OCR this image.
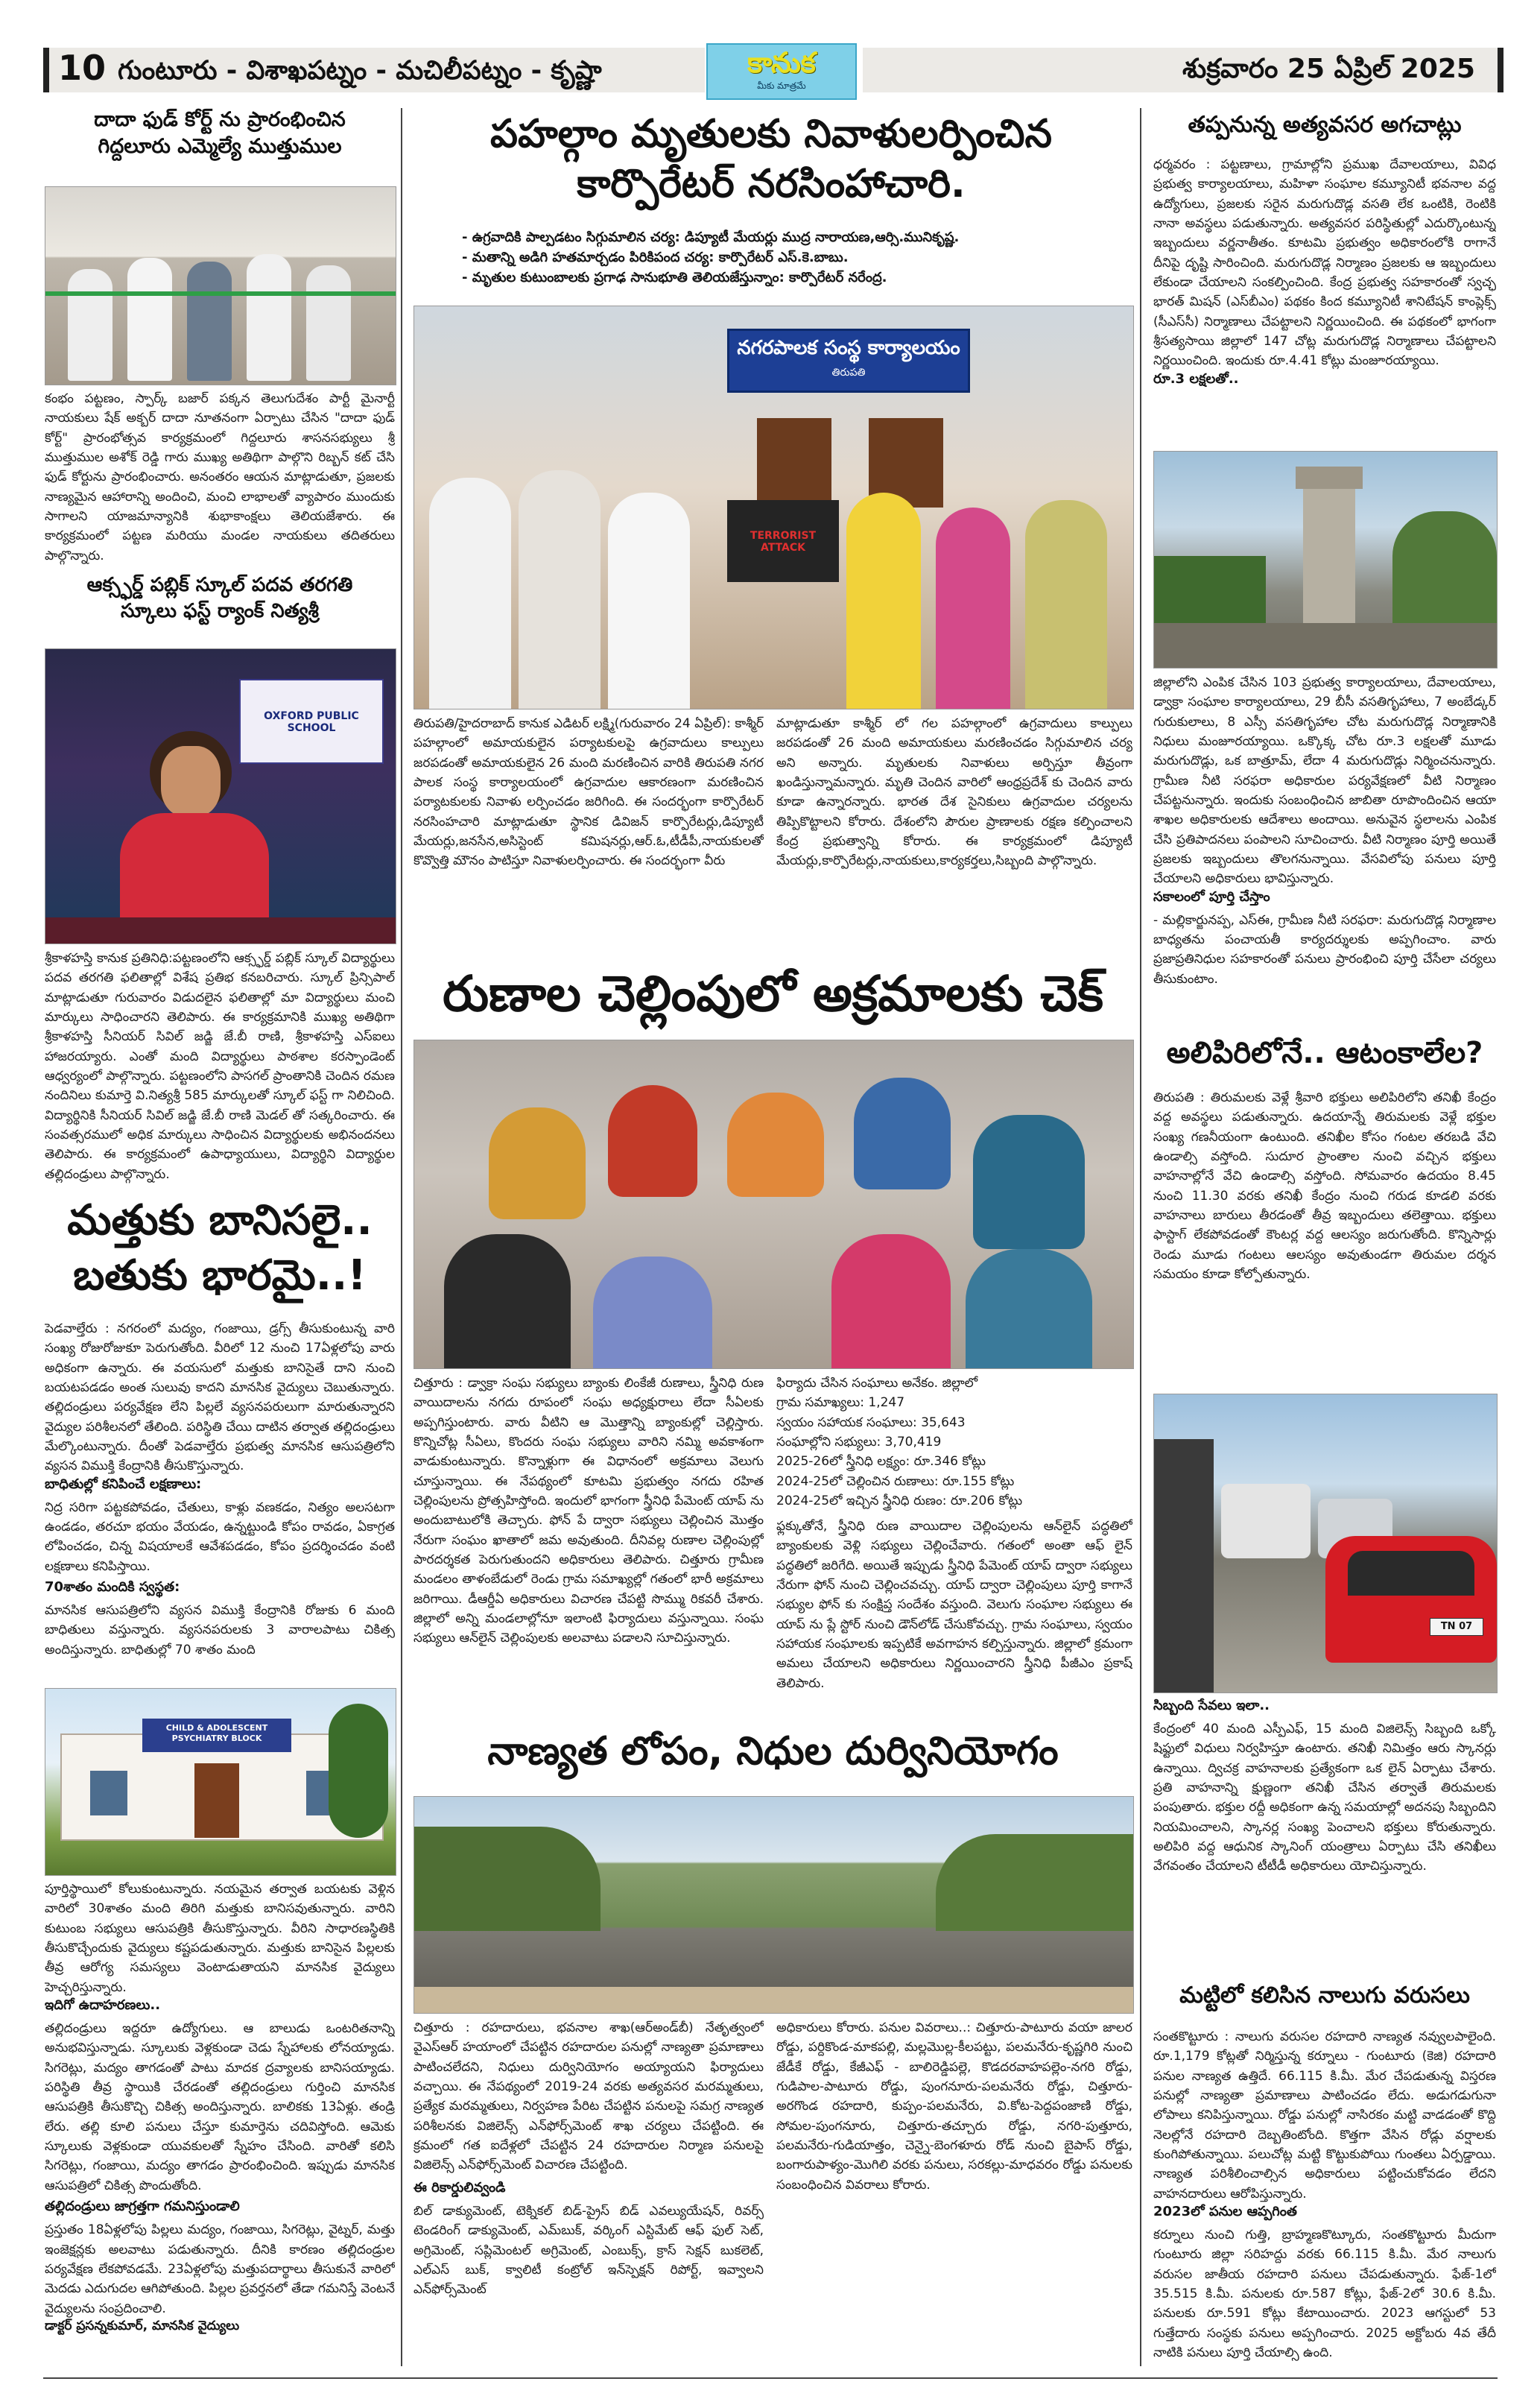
10 గుంటూరు - విశాఖపట్నం - మచిలీపట్నం - కృష్ణా	కానుక
మీకు మాత్రమే
శుక్రవారం 25 ఏప్రిల్ 2025

దాదా ఫుడ్ కోర్ట్ ను ప్రారంభించిన

గిద్దలూరు ఎమ్మెల్యే ముత్తుముల

కంభం పట్టణం, స్పార్క్ బజార్ పక్కన తెలుగుదేశం పార్టీ మైనార్టీ నాయకులు షేక్ అక్బర్ దాదా నూతనంగా ఏర్పాటు చేసిన "దాదా ఫుడ్ కోర్ట్" ప్రారంభోత్సవ కార్యక్రమంలో గిద్దలూరు శాసనసభ్యులు శ్రీ ముత్తుముల అశోక్ రెడ్డి గారు ముఖ్య అతిథిగా పాల్గొని రిబ్బన్ కట్ చేసి ఫుడ్ కోర్టును ప్రారంభించారు. అనంతరం ఆయన మాట్లాడుతూ, ప్రజలకు నాణ్యమైన ఆహారాన్ని అందించి, మంచి లాభాలతో వ్యాపారం ముందుకు సాగాలని యాజమాన్యానికి శుభాకాంక్షలు తెలియజేశారు. ఈ కార్యక్రమంలో పట్టణ మరియు మండల నాయకులు తదితరులు పాల్గొన్నారు.

ఆక్స్ఫర్డ్ పబ్లిక్ స్కూల్ పదవ తరగతి

స్కూలు ఫస్ట్ ర్యాంక్ నిత్యశ్రీ

OXFORD PUBLIC SCHOOL

శ్రీకాళహస్తి కానుక ప్రతినిధి:పట్టణంలోని ఆక్స్ఫర్డ్ పబ్లిక్ స్కూల్ విద్యార్థులు పదవ తరగతి ఫలితాల్లో విశేష ప్రతిభ కనబరిచారు. స్కూల్ ప్రిన్సిపాల్ మాట్లాడుతూ గురువారం విడుదలైన ఫలితాల్లో మా విద్యార్థులు మంచి మార్కులు సాధించారని తెలిపారు. ఈ కార్యక్రమానికి ముఖ్య అతిథిగా శ్రీకాళహస్తి సీనియర్ సివిల్ జడ్జి జే.బీ రాణి, శ్రీకాళహస్తి ఎస్ఐలు హాజరయ్యారు. ఎంతో మంది విద్యార్థులు పాఠశాల కరస్పాండెంట్ ఆధ్వర్యంలో పాల్గొన్నారు. పట్టణంలోని పాసగల్ ప్రాంతానికి చెందిన రమణ నందినిలు కుమార్తె వి.నిత్యశ్రీ 585 మార్కులతో స్కూల్ ఫస్ట్ గా నిలిచింది. విద్యార్థినికి సీనియర్ సివిల్ జడ్జి జే.బీ రాణి మెడల్ తో సత్కరించారు. ఈ సంవత్సరములో అధిక మార్కులు సాధించిన విద్యార్థులకు అభినందనలు తెలిపారు. ఈ కార్యక్రమంలో ఉపాధ్యాయులు, విద్యార్థిని విద్యార్థుల తల్లిదండ్రులు పాల్గొన్నారు.

మత్తుకు బానిసలై..

బతుకు భారమై..!

పెడవాల్తేరు : నగరంలో మద్యం, గంజాయి, డ్రగ్స్ తీసుకుంటున్న వారి సంఖ్య రోజురోజుకూ పెరుగుతోంది. వీరిలో 12 నుంచి 17ఏళ్లలోపు వారు అధికంగా ఉన్నారు. ఈ వయసులో మత్తుకు బానిసైతే దాని నుంచి బయటపడడం అంత సులువు కాదని మానసిక వైద్యులు చెబుతున్నారు. తల్లిదండ్రులు పర్యవేక్షణ లేని పిల్లలే వ్యసనపరులుగా మారుతున్నారని వైద్యుల పరిశీలనలో తేలింది. పరిస్థితి చేయి దాటిన తర్వాత తల్లిదండ్రులు మేల్కొంటున్నారు. దీంతో పెడవాల్తేరు ప్రభుత్వ మానసిక ఆసుపత్రిలోని వ్యసన విముక్తి కేంద్రానికి తీసుకొస్తున్నారు.

బాధితుల్లో కనిపించే లక్షణాలు:

నిద్ర సరిగా పట్టకపోవడం, చేతులు, కాళ్లు వణకడం, నిత్యం అలసటగా ఉండడం, తరచూ భయం వేయడం, ఉన్నట్టుండి కోపం రావడం, ఏకాగ్రత లోపించడం, చిన్న విషయాలకే ఆవేశపడడం, కోపం ప్రదర్శించడం వంటి లక్షణాలు కనిపిస్తాయి.

70శాతం మందికి స్వస్థత:

మానసిక ఆసుపత్రిలోని వ్యసన విముక్తి కేంద్రానికి రోజుకు 6 మంది బాధితులు వస్తున్నారు. వ్యసనపరులకు 3 వారాలపాటు చికిత్స అందిస్తున్నారు. బాధితుల్లో 70 శాతం మంది

CHILD & ADOLESCENT PSYCHIATRY BLOCK

పూర్తిస్థాయిలో కోలుకుంటున్నారు. నయమైన తర్వాత బయటకు వెళ్లిన వారిలో 30శాతం మంది తిరిగి మత్తుకు బానిసవుతున్నారు. వారిని కుటుంబ సభ్యులు ఆసుపత్రికి తీసుకొస్తున్నారు. వీరిని సాధారణస్థితికి తీసుకొచ్చేందుకు వైద్యులు కష్టపడుతున్నారు. మత్తుకు బానిసైన పిల్లలకు తీవ్ర ఆరోగ్య సమస్యలు వెంటాడుతాయని మానసిక వైద్యులు హెచ్చరిస్తున్నారు.

ఇదిగో ఉదాహరణలు..

తల్లిదండ్రులు ఇద్దరూ ఉద్యోగులు. ఆ బాలుడు ఒంటరితనాన్ని అనుభవిస్తున్నాడు. స్కూలుకు వెళ్లకుండా చెడు స్నేహాలకు లోనయ్యాడు. సిగరెట్లు, మద్యం తాగడంతో పాటు మాదక ద్రవ్యాలకు బానిసయ్యాడు. పరిస్థితి తీవ్ర స్థాయికి చేరడంతో తల్లిదండ్రులు గుర్తించి మానసిక ఆసుపత్రికి తీసుకొచ్చి చికిత్స అందిస్తున్నారు. బాలికకు 13ఏళ్లు. తండ్రి లేరు. తల్లి కూలి పనులు చేస్తూ కుమార్తెను చదివిస్తోంది. ఆమెకు స్కూలుకు వెళ్లకుండా యువకులతో స్నేహం చేసింది. వారితో కలిసి సిగరెట్లు, గంజాయి, మద్యం తాగడం ప్రారంభించింది. ఇప్పుడు మానసిక ఆసుపత్రిలో చికిత్స పొందుతోంది.

తల్లిదండ్రులు జాగ్రత్తగా గమనిస్తుండాలి

ప్రస్తుతం 18ఏళ్లలోపు పిల్లలు మద్యం, గంజాయి, సిగరెట్లు, వైట్నర్, మత్తు ఇంజెక్షన్లకు అలవాటు పడుతున్నారు. దీనికి కారణం తల్లిదండ్రుల పర్యవేక్షణ లేకపోవడమే. 23ఏళ్లలోపు మత్తుపదార్థాలు తీసుకునే వారిలో మెదడు ఎదుగుదల ఆగిపోతుంది. పిల్లల ప్రవర్తనలో తేడా గమనిస్తే వెంటనే వైద్యులను సంప్రదించాలి.

డాక్టర్ ప్రసన్నకుమార్, మానసిక వైద్యులు

పహల్గాం మృతులకు నివాళులర్పించిన

కార్పొరేటర్ నరసింహాచారి.

- ఉగ్రవాదికి పాల్పడటం సిగ్గుమాలిన చర్య: డిప్యూటీ మేయర్లు ముద్ర నారాయణ,ఆర్సి.మునికృష్ణ.

- మతాన్ని అడిగి హతమార్చడం పిరికిపంద చర్య: కార్పొరేటర్ ఎస్.కె.బాబు.

- మృతుల కుటుంబాలకు ప్రగాఢ సానుభూతి తెలియజేస్తున్నాం: కార్పొరేటర్ నరేంద్ర.

నగరపాలక సంస్థ కార్యాలయం
తిరుపతి
TERRORIST ATTACK

తిరుపతి/హైదరాబాద్ కానుక ఎడిటర్ లక్ష్మి(గురువారం 24 ఏప్రిల్): కాశ్మీర్ పహల్గాంలో అమాయకులైన పర్యాటకులపై ఉగ్రవాదులు కాల్పులు జరపడంతో అమాయకులైన 26 మంది మరణించిన వారికి తిరుపతి నగర పాలక సంస్థ కార్యాలయంలో ఉగ్రవాదుల ఆకారణంగా మరణించిన పర్యాటకులకు నివాళు లర్పించడం జరిగింది. ఈ సందర్భంగా కార్పొరేటర్ నరసింహచారి మాట్లాడుతూ స్థానిక డివిజన్ కార్పొరేటర్లు,డిప్యూటీ మేయర్లు,జనసేన,అసిస్టెంట్ కమిషనర్లు,ఆర్.ఓ,టీడీపీ,నాయకులతో కొవ్వొత్తి మౌనం పాటిస్తూ నివాళులర్పించారు. ఈ సందర్భంగా వీరు

మాట్లాడుతూ కాశ్మీర్ లో గల పహల్గాంలో ఉగ్రవాదులు కాల్పులు జరపడంతో 26 మంది అమాయకులు మరణించడం సిగ్గుమాలిన చర్య అని అన్నారు. మృతులకు నివాళులు అర్పిస్తూ తీవ్రంగా ఖండిస్తున్నామన్నారు. మృతి చెందిన వారిలో ఆంధ్రప్రదేశ్ కు చెందిన వారు కూడా ఉన్నారన్నారు. భారత దేశ సైనికులు ఉగ్రవాదుల చర్యలను తిప్పికొట్టాలని కోరారు. దేశంలోని పౌరుల ప్రాణాలకు రక్షణ కల్పించాలని కేంద్ర ప్రభుత్వాన్ని కోరారు. ఈ కార్యక్రమంలో డిప్యూటీ మేయర్లు,కార్పొరేటర్లు,నాయకులు,కార్యకర్తలు,సిబ్బంది పాల్గొన్నారు.

రుణాల చెల్లింపులో అక్రమాలకు చెక్

చిత్తూరు : డ్వాక్రా సంఘ సభ్యులు బ్యాంకు లింకేజీ రుణాలు, స్త్రీనిధి రుణ వాయిదాలను నగదు రూపంలో సంఘ అధ్యక్షురాలు లేదా సీఏలకు అప్పగిస్తుంటారు. వారు వీటిని ఆ మొత్తాన్ని బ్యాంకుల్లో చెల్లిస్తారు. కొన్నిచోట్ల సీఏలు, కొందరు సంఘ సభ్యులు వారిని నమ్మి అవకాశంగా వాడుకుంటున్నారు. కొన్నాళ్లుగా ఈ విధానంలో అక్రమాలు వెలుగు చూస్తున్నాయి. ఈ నేపథ్యంలో కూటమి ప్రభుత్వం నగదు రహిత చెల్లింపులను ప్రోత్సహిస్తోంది. ఇందులో భాగంగా స్త్రీనిధి పేమెంట్ యాప్ ను అందుబాటులోకి తెచ్చారు. ఫోన్ పే ద్వారా సభ్యులు చెల్లించిన మొత్తం నేరుగా సంఘం ఖాతాలో జమ అవుతుంది. దీనివల్ల రుణాల చెల్లింపుల్లో పారదర్శకత పెరుగుతుందని అధికారులు తెలిపారు. చిత్తూరు గ్రామీణ మండలం తాళంబేడులో రెండు గ్రామ సమాఖ్యల్లో గతంలో భారీ అక్రమాలు జరిగాయి. డీఆర్డీఏ అధికారులు విచారణ చేపట్టి సొమ్ము రికవరీ చేశారు. జిల్లాలో అన్ని మండలాల్లోనూ ఇలాంటి ఫిర్యాదులు వస్తున్నాయి. సంఘ సభ్యులు ఆన్‌లైన్ చెల్లింపులకు అలవాటు పడాలని సూచిస్తున్నారు.

ఫిర్యాదు చేసిన సంఘాలు అనేకం. జిల్లాలో

గ్రామ సమాఖ్యలు: 1,247

స్వయం సహాయక సంఘాలు: 35,643

సంఘాల్లోని సభ్యులు: 3,70,419

2025-26లో స్త్రీనిధి లక్ష్యం: రూ.346 కోట్లు

2024-25లో చెల్లించిన రుణాలు: రూ.155 కోట్లు

2024-25లో ఇచ్చిన స్త్రీనిధి రుణం: రూ.206 కోట్లు

ఫ్లక్కుతోనే, స్త్రీనిధి రుణ వాయిదాల చెల్లింపులను ఆన్‌లైన్ పద్ధతిలో బ్యాంకులకు వెళ్లి సభ్యులు చెల్లించేవారు. గతంలో అంతా ఆఫ్ లైన్ పద్ధతిలో జరిగేది. అయితే ఇప్పుడు స్త్రీనిధి పేమెంట్ యాప్ ద్వారా సభ్యులు నేరుగా ఫోన్ నుంచి చెల్లించవచ్చు. యాప్ ద్వారా చెల్లింపులు పూర్తి కాగానే సభ్యుల ఫోన్ కు సంక్షిప్త సందేశం వస్తుంది. వెలుగు సంఘాల సభ్యులు ఈ యాప్ ను ప్లే స్టోర్ నుంచి డౌన్‌లోడ్ చేసుకోవచ్చు. గ్రామ సంఘాలు, స్వయం సహాయక సంఘాలకు ఇప్పటికే అవగాహన కల్పిస్తున్నారు. జిల్లాలో క్రమంగా అమలు చేయాలని అధికారులు నిర్ణయించారని స్త్రీనిధి పీజీఎం ప్రకాష్ తెలిపారు.

నాణ్యత లోపం, నిధుల దుర్వినియోగం

చిత్తూరు : రహదారులు, భవనాల శాఖ(ఆర్‌అండ్‌బీ) నేతృత్వంలో వైఎస్ఆర్ హయాంలో చేపట్టిన రహదారుల పనుల్లో నాణ్యతా ప్రమాణాలు పాటించలేదని, నిధులు దుర్వినియోగం అయ్యాయని ఫిర్యాదులు వచ్చాయి. ఈ నేపథ్యంలో 2019-24 వరకు అత్యవసర మరమ్మతులు, ప్రత్యేక మరమ్మతులు, నిర్వహణ పేరిట చేపట్టిన పనులపై సమగ్ర నాణ్యత పరిశీలనకు విజిలెన్స్ ఎన్‌ఫోర్స్‌మెంట్ శాఖ చర్యలు చేపట్టింది. ఈ క్రమంలో గత ఐదేళ్లలో చేపట్టిన 24 రహదారుల నిర్మాణ పనులపై విజిలెన్స్ ఎన్‌ఫోర్స్‌మెంట్ విచారణ చేపట్టింది.

ఈ రికార్డులివ్వండి

బిల్ డాక్యుమెంట్, టెక్నికల్ బిడ్-ప్రైస్ బిడ్ ఎవల్యుయేషన్, రివర్స్ టెండరింగ్ డాక్యుమెంట్, ఎమ్‌బుక్, వర్కింగ్ ఎస్టిమేట్ ఆఫ్ ఫుల్ సెట్, అగ్రిమెంట్, సప్లిమెంటల్ అగ్రిమెంట్, ఎంబుక్స్, క్రాస్ సెక్షన్ బుకలెట్, ఎల్‌ఎస్ బుక్, క్వాలిటీ కంట్రోల్ ఇన్‌స్పెక్షన్ రిపోర్ట్, ఇవ్వాలని ఎన్‌ఫోర్స్‌మెంట్

అధికారులు కోరారు. పనుల వివరాలు..: చిత్తూరు-పాటూరు వయా జాలర రోడ్డు, పర్దికొండ-మాకపల్లి, మల్లమొల్ల-కీలపట్టు, పలమనేరు-కృష్ణగిరి నుంచి జేడీకే రోడ్డు, కేజీఎఫ్ - బాలిరెడ్డిపల్లె, కొడదరవాహపల్లెం-నగరి రోడ్డు, గుడిపాల-పాటూరు రోడ్డు, పుంగనూరు-పలమనేరు రోడ్డు, చిత్తూరు-అరగొండ రహదారి, కుప్పం-పలమనేరు, వి.కోట-పెద్దపంజాణి రోడ్డు, సోమల-పుంగనూరు, చిత్తూరు-తచ్చూరు రోడ్డు, నగరి-పుత్తూరు, పలమనేరు-గుడియాత్తం, చెన్నై-బెంగళూరు రోడ్ నుంచి బైపాస్ రోడ్డు, బంగారుపాళ్యం-మొగిలి వరకు పనులు, సరకల్లు-మాధవరం రోడ్డు పనులకు సంబంధించిన వివరాలు కోరారు.

తప్పనున్న అత్యవసర అగచాట్లు

ధర్మవరం : పట్టణాలు, గ్రామాల్లోని ప్రముఖ దేవాలయాలు, వివిధ ప్రభుత్వ కార్యాలయాలు, మహిళా సంఘాల కమ్యూనిటీ భవనాల వద్ద ఉద్యోగులు, ప్రజలకు సరైన మరుగుదొడ్ల వసతి లేక ఒంటికి, రెంటికి నానా అవస్థలు పడుతున్నారు. అత్యవసర పరిస్థితుల్లో ఎదుర్కొంటున్న ఇబ్బందులు వర్ణనాతీతం. కూటమి ప్రభుత్వం అధికారంలోకి రాగానే దీనిపై దృష్టి సారించింది. మరుగుదొడ్ల నిర్మాణం ప్రజలకు ఆ ఇబ్బందులు లేకుండా చేయాలని సంకల్పించింది. కేంద్ర ప్రభుత్వ సహకారంతో స్వచ్ఛ భారత్ మిషన్ (ఎస్‌బీఎం) పథకం కింద కమ్యూనిటీ శానిటేషన్ కాంప్లెక్స్ (సీఎస్‌సీ) నిర్మాణాలు చేపట్టాలని నిర్ణయించింది. ఈ పథకంలో భాగంగా శ్రీసత్యసాయి జిల్లాలో 147 చోట్ల మరుగుదొడ్ల నిర్మాణాలు చేపట్టాలని నిర్ణయించింది. ఇందుకు రూ.4.41 కోట్లు మంజూరయ్యాయి.

రూ.3 లక్షలతో..

జిల్లాలోని ఎంపిక చేసిన 103 ప్రభుత్వ కార్యాలయాలు, దేవాలయాలు, డ్వాక్రా సంఘాల కార్యాలయాలు, 29 బీసీ వసతిగృహాలు, 7 అంబేడ్కర్ గురుకులాలు, 8 ఎస్సీ వసతిగృహాల చోట మరుగుదొడ్ల నిర్మాణానికి నిధులు మంజూరయ్యాయి. ఒక్కొక్క చోట రూ.3 లక్షలతో మూడు మరుగుదొడ్లు, ఒక బాత్రూమ్, లేదా 4 మరుగుదొడ్లు నిర్మించనున్నారు. గ్రామీణ నీటి సరఫరా అధికారుల పర్యవేక్షణలో వీటి నిర్మాణం చేపట్టనున్నారు. ఇందుకు సంబంధించిన జాబితా రూపొందించిన ఆయా శాఖల అధికారులకు ఆదేశాలు అందాయి. అనువైన స్థలాలను ఎంపిక చేసి ప్రతిపాదనలు పంపాలని సూచించారు. వీటి నిర్మాణం పూర్తి అయితే ప్రజలకు ఇబ్బందులు తొలగనున్నాయి. వేసవిలోపు పనులు పూర్తి చేయాలని అధికారులు భావిస్తున్నారు.

సకాలంలో పూర్తి చేస్తాం

- మల్లికార్జునప్ప, ఎస్‌ఈ, గ్రామీణ నీటి సరఫరా: మరుగుదొడ్ల నిర్మాణాల బాధ్యతను పంచాయతీ కార్యదర్శులకు అప్పగించాం. వారు ప్రజాప్రతినిధుల సహకారంతో పనులు ప్రారంభించి పూర్తి చేసేలా చర్యలు తీసుకుంటాం.

అలిపిరిలోనే.. ఆటంకాలేల?

తిరుపతి : తిరుమలకు వెళ్లే శ్రీవారి భక్తులు అలిపిరిలోని తనిఖీ కేంద్రం వద్ద అవస్థలు పడుతున్నారు. ఉదయాన్నే తిరుమలకు వెళ్లే భక్తుల సంఖ్య గణనీయంగా ఉంటుంది. తనిఖీల కోసం గంటల తరబడి వేచి ఉండాల్సి వస్తోంది. సుదూర ప్రాంతాల నుంచి వచ్చిన భక్తులు వాహనాల్లోనే వేచి ఉండాల్సి వస్తోంది. సోమవారం ఉదయం 8.45 నుంచి 11.30 వరకు తనిఖీ కేంద్రం నుంచి గరుడ కూడలి వరకు వాహనాలు బారులు తీరడంతో తీవ్ర ఇబ్బందులు తలెత్తాయి. భక్తులు ఫాస్టాగ్ లేకపోవడంతో కౌంటర్ల వద్ద ఆలస్యం జరుగుతోంది. కొన్నిసార్లు రెండు మూడు గంటలు ఆలస్యం అవుతుండగా తిరుమల దర్శన సమయం కూడా కోల్పోతున్నారు.

TN 07

సిబ్బంది సేవలు ఇలా..

కేంద్రంలో 40 మంది ఎస్పీఎఫ్, 15 మంది విజిలెన్స్ సిబ్బంది ఒక్కో షిఫ్టులో విధులు నిర్వహిస్తూ ఉంటారు. తనిఖీ నిమిత్తం ఆరు స్కానర్లు ఉన్నాయి. ద్విచక్ర వాహనాలకు ప్రత్యేకంగా ఒక లైన్ ఏర్పాటు చేశారు. ప్రతి వాహనాన్ని క్షుణ్ణంగా తనిఖీ చేసిన తర్వాతే తిరుమలకు పంపుతారు. భక్తుల రద్దీ అధికంగా ఉన్న సమయాల్లో అదనపు సిబ్బందిని నియమించాలని, స్కానర్ల సంఖ్య పెంచాలని భక్తులు కోరుతున్నారు. అలిపిరి వద్ద ఆధునిక స్కానింగ్ యంత్రాలు ఏర్పాటు చేసి తనిఖీలు వేగవంతం చేయాలని టీటీడీ అధికారులు యోచిస్తున్నారు.

మట్టిలో కలిసిన నాలుగు వరుసలు

సంతకొట్టూరు : నాలుగు వరుసల రహదారి నాణ్యత నవ్వులపాలైంది. రూ.1,179 కోట్లతో నిర్మిస్తున్న కర్నూలు - గుంటూరు (కెజి) రహదారి పనుల నాణ్యత ఉత్తిదే. 66.115 కి.మీ. మేర చేపడుతున్న విస్తరణ పనుల్లో నాణ్యతా ప్రమాణాలు పాటించడం లేదు. అడుగడుగునా లోపాలు కనిపిస్తున్నాయి. రోడ్డు పనుల్లో నాసిరకం మట్టి వాడడంతో కొద్ది నెలల్లోనే రహదారి దెబ్బతింటోంది. కొత్తగా వేసిన రోడ్లు వర్షాలకు కుంగిపోతున్నాయి. పలుచోట్ల మట్టి కొట్టుకుపోయి గుంతలు ఏర్పడ్డాయి. నాణ్యత పరిశీలించాల్సిన అధికారులు పట్టించుకోవడం లేదని వాహనదారులు ఆరోపిస్తున్నారు.

2023లో పనుల ఆప్పగింత

కర్నూలు నుంచి గుత్తి, బ్రాహ్మణకొట్కూరు, సంతకొట్టూరు మీదుగా గుంటూరు జిల్లా సరిహద్దు వరకు 66.115 కి.మీ. మేర నాలుగు వరుసల జాతీయ రహదారి పనులు చేపడుతున్నారు. ఫేజ్-1లో 35.515 కి.మీ. పనులకు రూ.587 కోట్లు, ఫేజ్-2లో 30.6 కి.మీ. పనులకు రూ.591 కోట్లు కేటాయించారు. 2023 ఆగస్టులో 53 గుత్తేదారు సంస్థకు పనులు అప్పగించారు. 2025 అక్టోబరు 4వ తేదీ నాటికి పనులు పూర్తి చేయాల్సి ఉంది.
